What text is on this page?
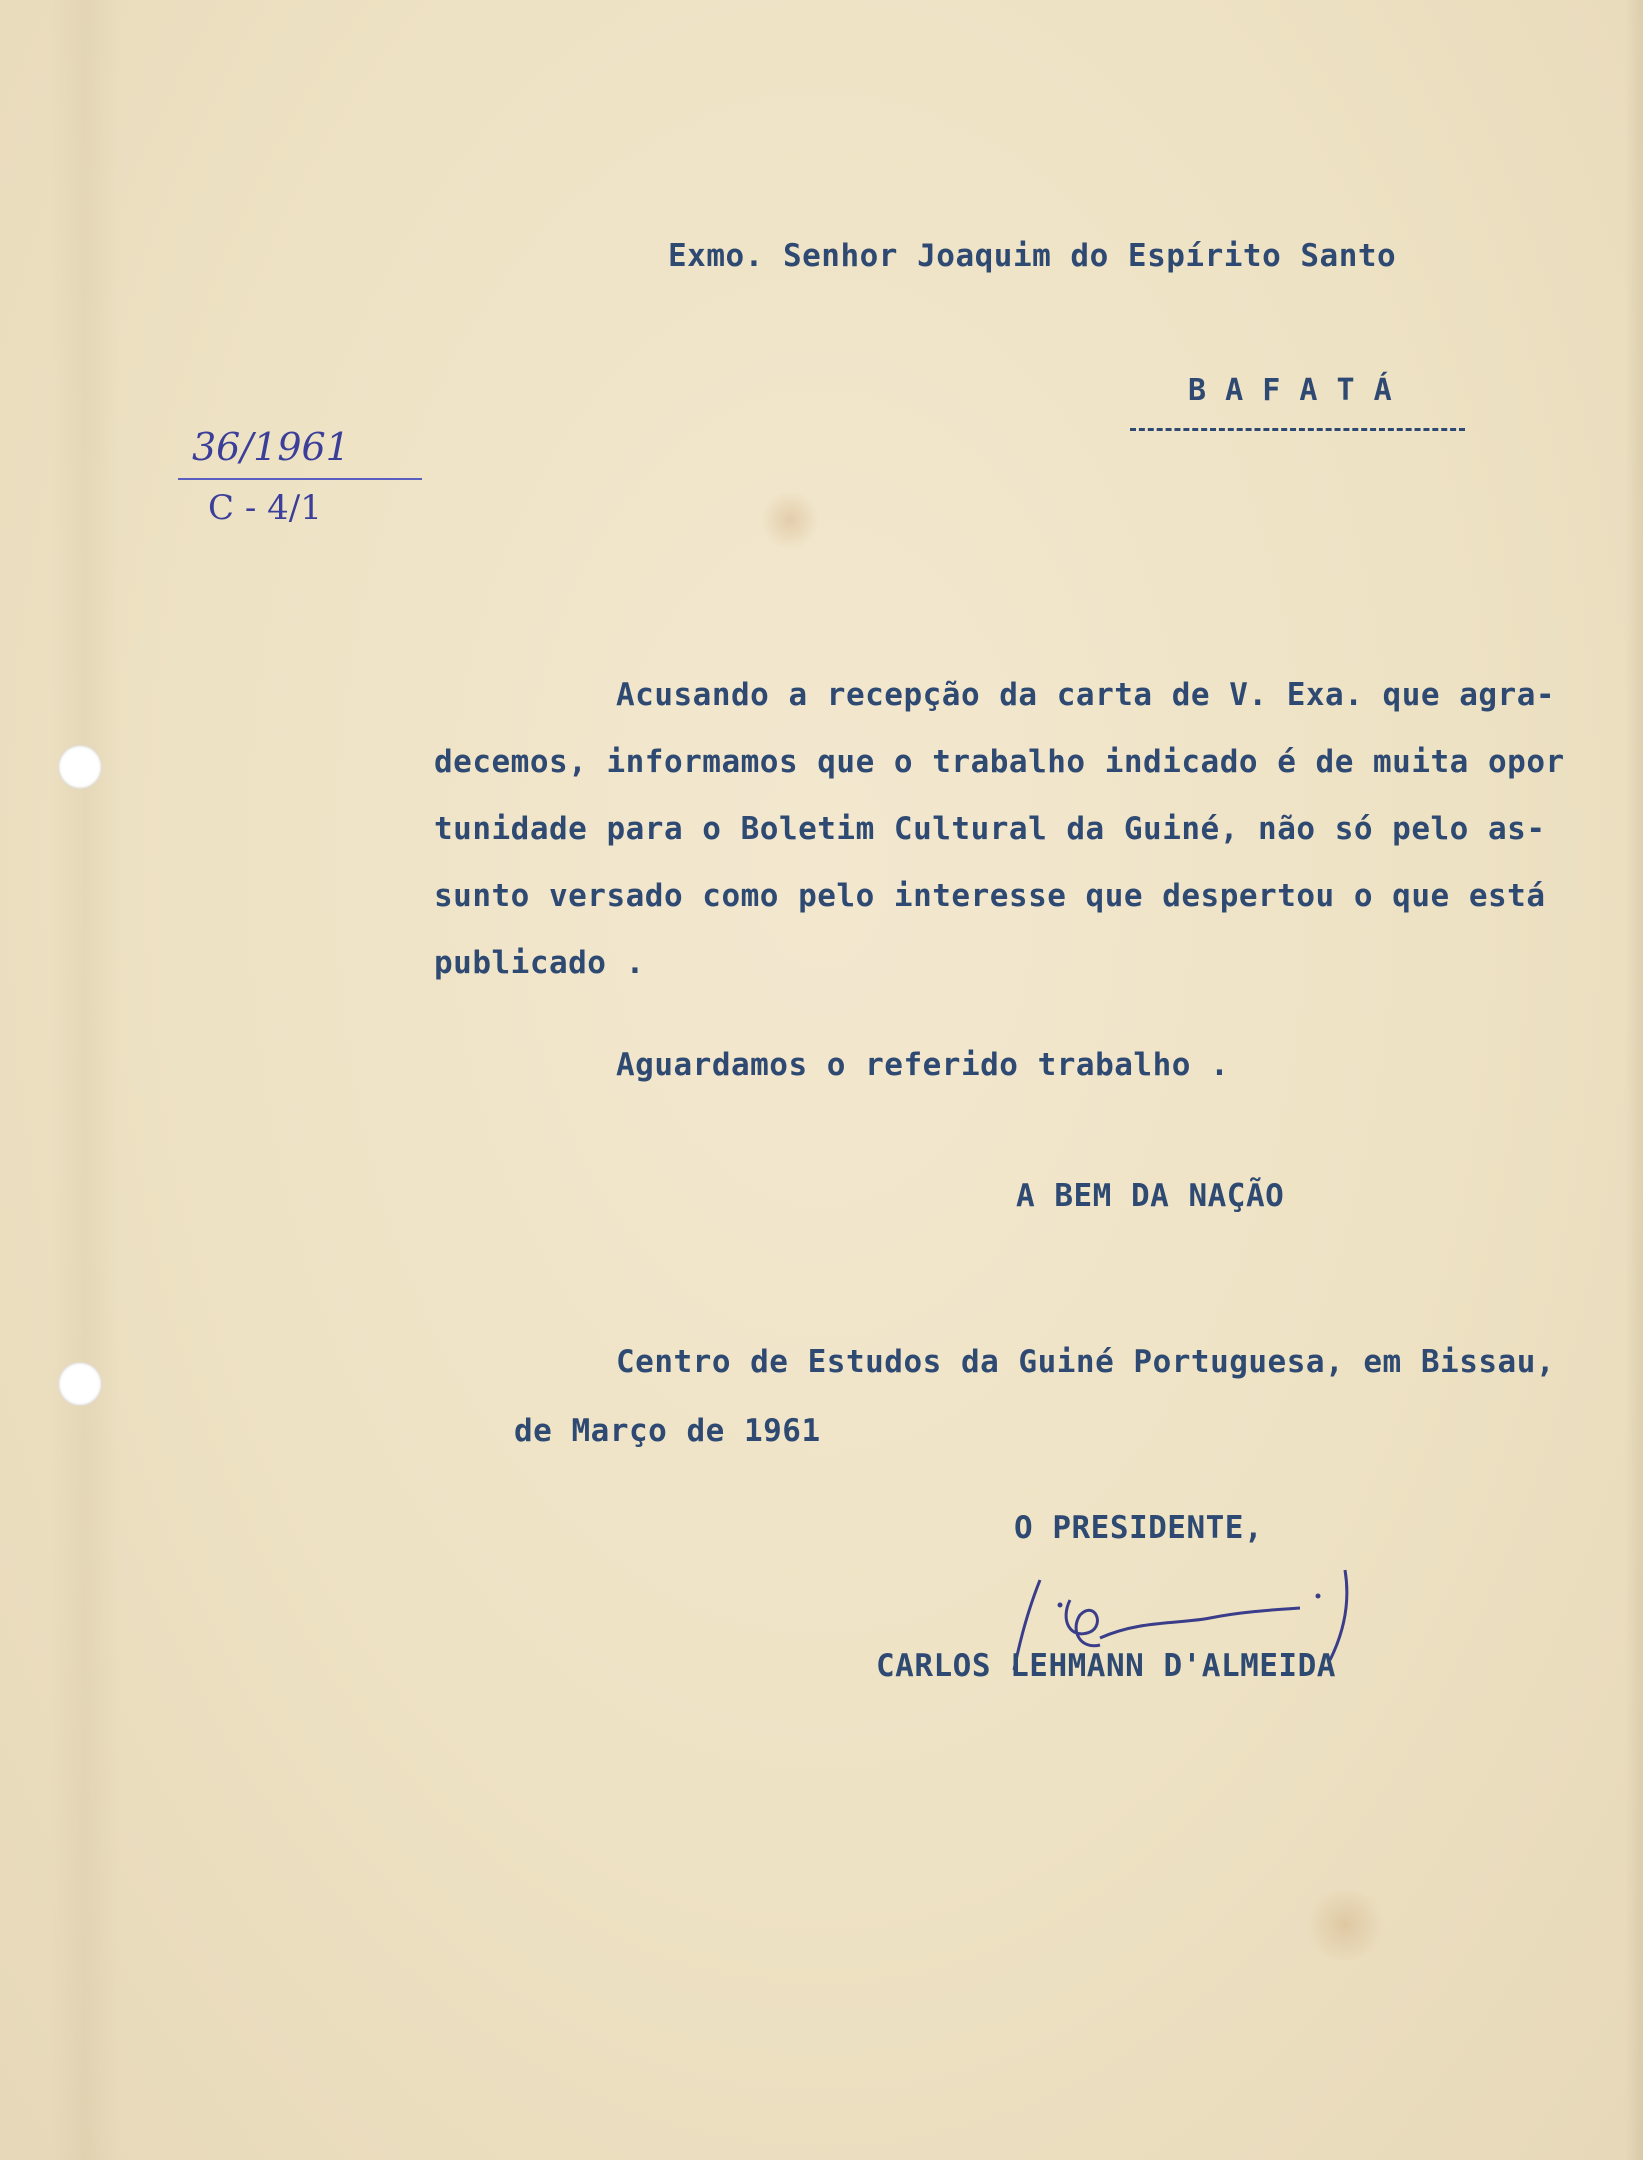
Exmo. Senhor Joaquim do Espírito Santo
B A F A T Á
36/1961
C - 4/1
Acusando a recepção da carta de V. Exa. que agra-
decemos, informamos que o trabalho indicado é de muita opor
tunidade para o Boletim Cultural da Guiné, não só pelo as-
sunto versado como pelo interesse que despertou o que está
publicado .
Aguardamos o referido trabalho .
A BEM DA NAÇÃO
Centro de Estudos da Guiné Portuguesa, em Bissau,
de Março de 1961
O PRESIDENTE,
CARLOS LEHMANN D'ALMEIDA
